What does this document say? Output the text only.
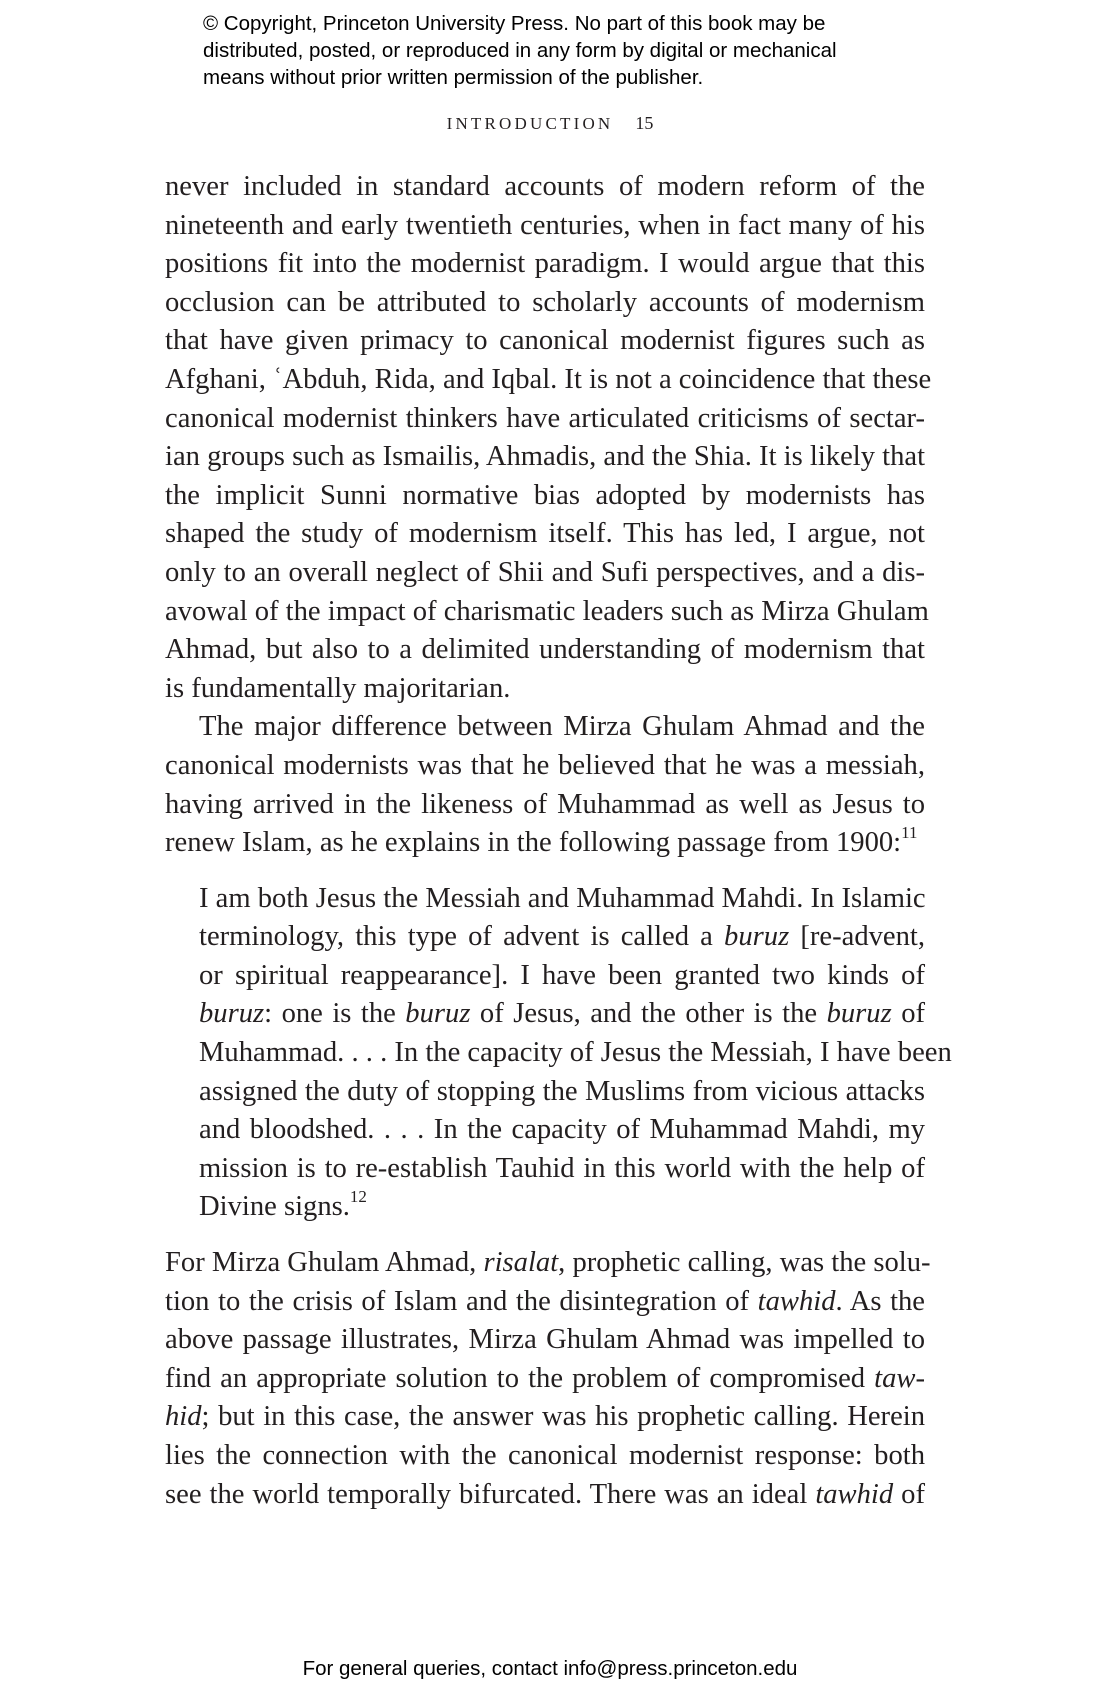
© Copyright, Princeton University Press. No part of this book may be
distributed, posted, or reproduced in any form by digital or mechanical
means without prior written permission of the publisher.
INTRODUCTION 15
never included in standard accounts of modern reform of the
nineteenth and early twentieth centuries, when in fact many of his
positions fit into the modernist paradigm. I would argue that this
occlusion can be attributed to scholarly accounts of modernism
that have given primacy to canonical modernist figures such as
Afghani, ʿAbduh, Rida, and Iqbal. It is not a coincidence that these
canonical modernist thinkers have articulated criticisms of sectar-
ian groups such as Ismailis, Ahmadis, and the Shia. It is likely that
the implicit Sunni normative bias adopted by modernists has
shaped the study of modernism itself. This has led, I argue, not
only to an overall neglect of Shii and Sufi perspectives, and a dis-
avowal of the impact of charismatic leaders such as Mirza Ghulam
Ahmad, but also to a delimited understanding of modernism that
is fundamentally majoritarian.
The major difference between Mirza Ghulam Ahmad and the
canonical modernists was that he believed that he was a messiah,
having arrived in the likeness of Muhammad as well as Jesus to
renew Islam, as he explains in the following passage from 1900:$^{11}$
I am both Jesus the Messiah and Muhammad Mahdi. In Islamic
terminology, this type of advent is called a buruz [re-advent,
or spiritual reappearance]. I have been granted two kinds of
buruz: one is the buruz of Jesus, and the other is the buruz of
Muhammad. . . . In the capacity of Jesus the Messiah, I have been
assigned the duty of stopping the Muslims from vicious attacks
and bloodshed. . . . In the capacity of Muhammad Mahdi, my
mission is to re-establish Tauhid in this world with the help of
Divine signs.$^{12}$
For Mirza Ghulam Ahmad, risalat, prophetic calling, was the solu-
tion to the crisis of Islam and the disintegration of tawhid. As the
above passage illustrates, Mirza Ghulam Ahmad was impelled to
find an appropriate solution to the problem of compromised taw-
hid; but in this case, the answer was his prophetic calling. Herein
lies the connection with the canonical modernist response: both
see the world temporally bifurcated. There was an ideal tawhid of
For general queries, contact info@press.princeton.edu
